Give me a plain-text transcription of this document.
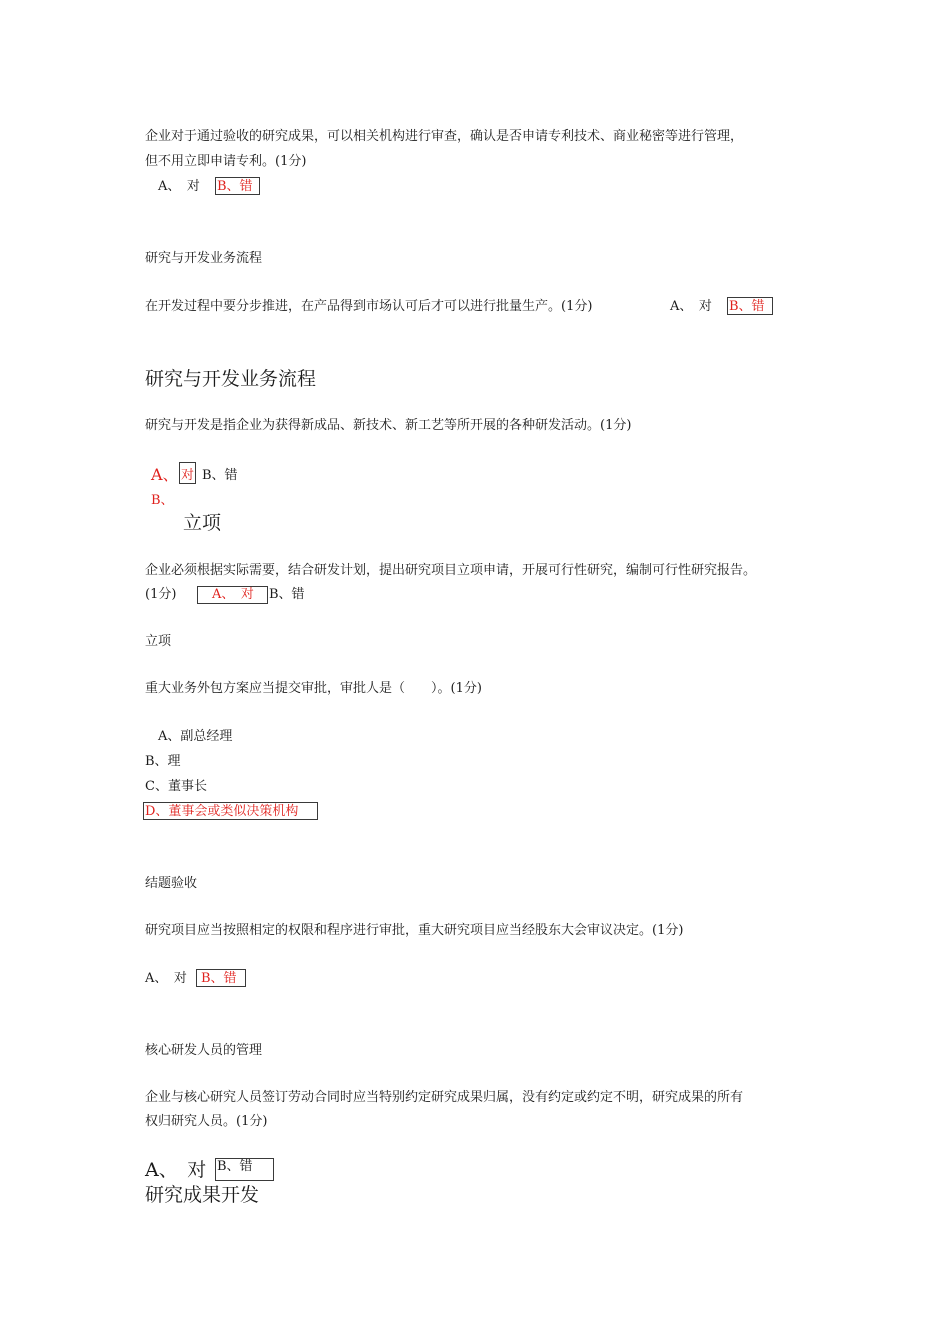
企业对于通过验收的研究成果，可以相关机构进行审查，确认是否申请专利技术、商业秘密等进行管理，
但不用立即申请专利。(1分)
A、　对 B、错
研究与开发业务流程
在开发过程中要分步推进，在产品得到市场认可后才可以进行批量生产。(1分)	A、　对 B、错
研究与开发业务流程
研究与开发是指企业为获得新成品、新技术、新工艺等所开展的各种研发活动。(1分)
A、 对 B、错
B、
立项
企业必须根据实际需要，结合研发计划，提出研究项目立项申请，开展可行性研究，编制可行性研究报告。
(1分)	A、　对 B、错
立项
重大业务外包方案应当提交审批，审批人是（　　）。(1分)
A、副总经理
B、理
C、董事长
D、董事会或类似决策机构
结题验收
研究项目应当按照相定的权限和程序进行审批，重大研究项目应当经股东大会审议决定。(1分)
A、　对 B、错
核心研发人员的管理
企业与核心研究人员签订劳动合同时应当特别约定研究成果归属，没有约定或约定不明，研究成果的所有
权归研究人员。(1分)
A、　对 B、错
研究成果开发
